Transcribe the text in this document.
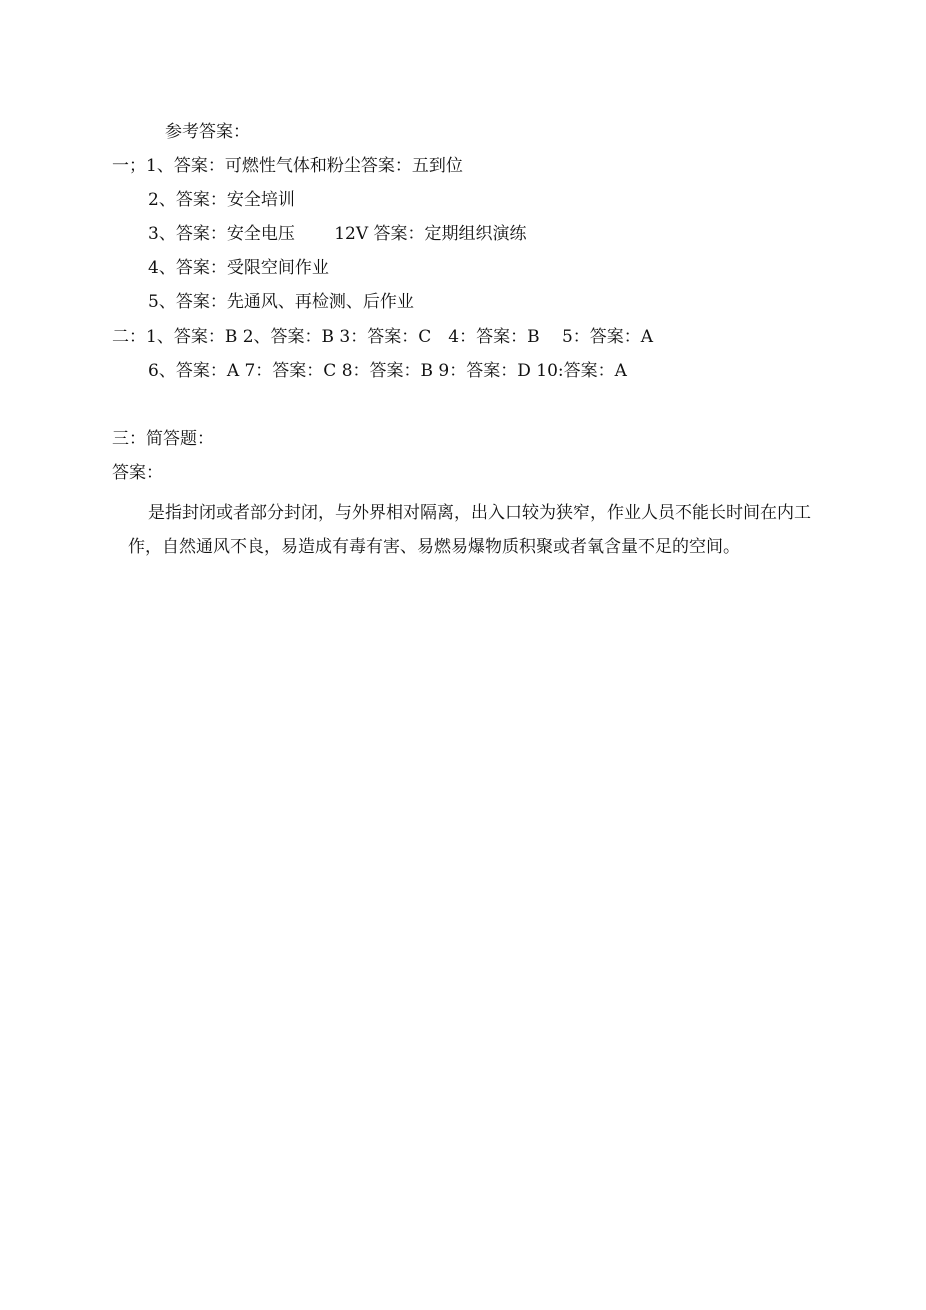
参考答案：
一；1、答案：可燃性气体和粉尘答案：五到位
2、答案：安全培训
3、答案：安全电压　　 12V 答案：定期组织演练
4、答案：受限空间作业
5、答案：先通风、再检测、后作业
二：1、答案：B 2、答案：B 3：答案：C　4：答案：B　 5：答案：A
6、答案：A 7：答案：C 8：答案：B 9：答案：D 10:答案：A
三：简答题：
答案：
是指封闭或者部分封闭，与外界相对隔离，出入口较为狭窄，作业人员不能长时间在内工作，自然通风不良，易造成有毒有害、易燃易爆物质积聚或者氧含量不足的空间。
